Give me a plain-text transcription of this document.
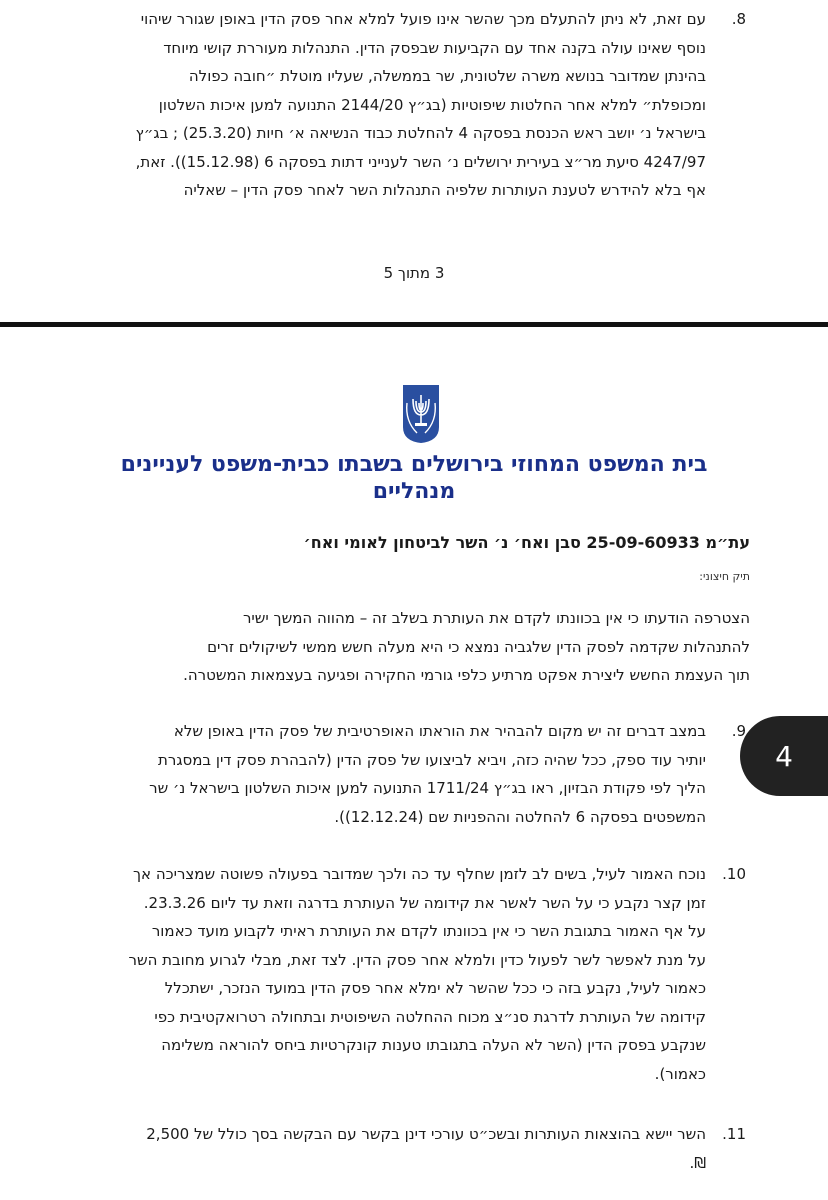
.8
עם זאת, לא ניתן להתעלם מכך שהשר אינו פועל למלא אחר פסק הדין באופן שגורר שיהוי
נוסף שאינו עולה בקנה אחד עם הקביעות שבפסק הדין. התנהלות מעוררת קושי מיוחד
בהינתן שמדובר בנושא משרה שלטונית, שר בממשלה, שעליו מוטלת ״חובה כפולה
ומכופלת״ למלא אחר החלטות שיפוטיות (בג״ץ 2144/20 התנועה למען איכות השלטון
בישראל נ׳ יושב ראש הכנסת בפסקה 4 להחלטת כבוד הנשיאה א׳ חיות (25.3.20) ; בג״ץ
4247/97 סיעת מר״צ בעירית ירושלים נ׳ השר לענייני דתות בפסקה 6 (15.12.98)). זאת,
אף בלא להידרש לטענת העותרות שלפיה התנהלות השר לאחר פסק הדין – שאליה
3 מתוך 5
בית המשפט המחוזי בירושלים בשבתו כבית-משפט לעניינים
מנהליים
עת״מ 25-09-60933 סבן ואח׳ נ׳ השר לביטחון לאומי ואח׳
תיק חיצוני:
הצטרפה הודעתו כי אין בכוונתו לקדם את העותרת בשלב זה – מהווה המשך ישיר
להתנהלות שקדמה לפסק הדין שלגביה נמצא כי היא מעלה חשש ממשי לשיקולים זרים
תוך העצמת החשש ליצירת אפקט מרתיע כלפי גורמי החקירה ופגיעה בעצמאות המשטרה.
.9
במצב דברים זה יש מקום להבהיר את הוראתו האופרטיבית של פסק הדין באופן שלא
יותיר עוד ספק, ככל שהיה כזה, ויביא לביצועו של פסק הדין (להבהרת פסק דין במסגרת
הליך לפי פקודת הבזיון, ראו בג״ץ 1711/24 התנועה למען איכות השלטון בישראל נ׳ שר
המשפטים בפסקה 6 להחלטה וההפניות שם (12.12.24)).
.10
נוכח האמור לעיל, בשים לב לזמן שחלף עד כה ולכך שמדובר בפעולה פשוטה שמצריכה אך
זמן קצר נקבע כי על השר לאשר את קידומה של העותרת בדרגה וזאת עד ליום 23.3.26.
על אף האמור בתגובת השר כי אין בכוונתו לקדם את העותרת ראיתי לקבוע מועד כאמור
על מנת לאפשר לשר לפעול כדין ולמלא אחר פסק הדין. לצד זאת, מבלי לגרוע מחובת השר
כאמור לעיל, נקבע בזה כי ככל שהשר לא ימלא אחר פסק הדין במועד הנזכר, ישתכלל
קידומה של העותרת לדרגת סנ״צ מכוח ההחלטה השיפוטית ובתחולה רטרואקטיבית כפי
שנקבע בפסק הדין (השר לא העלה בתגובתו טענות קונקרטיות ביחס להוראה משלימה
כאמור).
.11
השר יישא בהוצאות העותרות ובשכ״ט עורכי דינן בקשר עם הבקשה בסך כולל של 2,500
₪.
4
